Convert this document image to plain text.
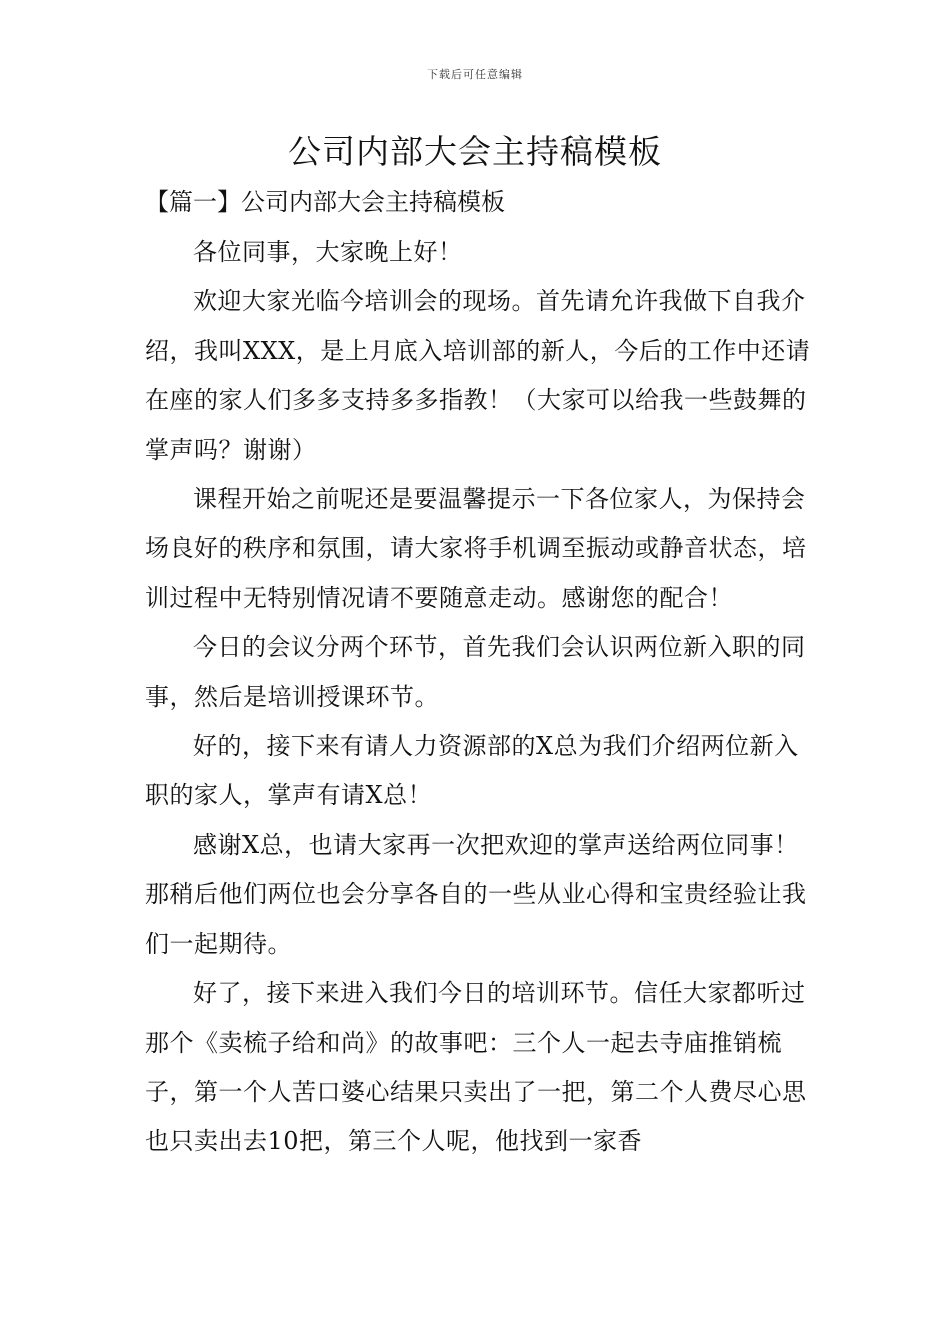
下载后可任意编辑
公司内部大会主持稿模板
【篇一】公司内部大会主持稿模板

各位同事，大家晚上好！

欢迎大家光临今培训会的现场。首先请允许我做下自我介绍，我叫XXX，是上月底入培训部的新人，今后的工作中还请在座的家人们多多支持多多指教！（大家可以给我一些鼓舞的掌声吗？谢谢）

课程开始之前呢还是要温馨提示一下各位家人，为保持会场良好的秩序和氛围，请大家将手机调至振动或静音状态，培训过程中无特别情况请不要随意走动。感谢您的配合！

今日的会议分两个环节，首先我们会认识两位新入职的同事，然后是培训授课环节。

好的，接下来有请人力资源部的X总为我们介绍两位新入职的家人，掌声有请X总！

感谢X总，也请大家再一次把欢迎的掌声送给两位同事！那稍后他们两位也会分享各自的一些从业心得和宝贵经验让我们一起期待。

好了，接下来进入我们今日的培训环节。信任大家都听过那个《卖梳子给和尚》的故事吧：三个人一起去寺庙推销梳子，第一个人苦口婆心结果只卖出了一把，第二个人费尽心思也只卖出去10把，第三个人呢，他找到一家香
